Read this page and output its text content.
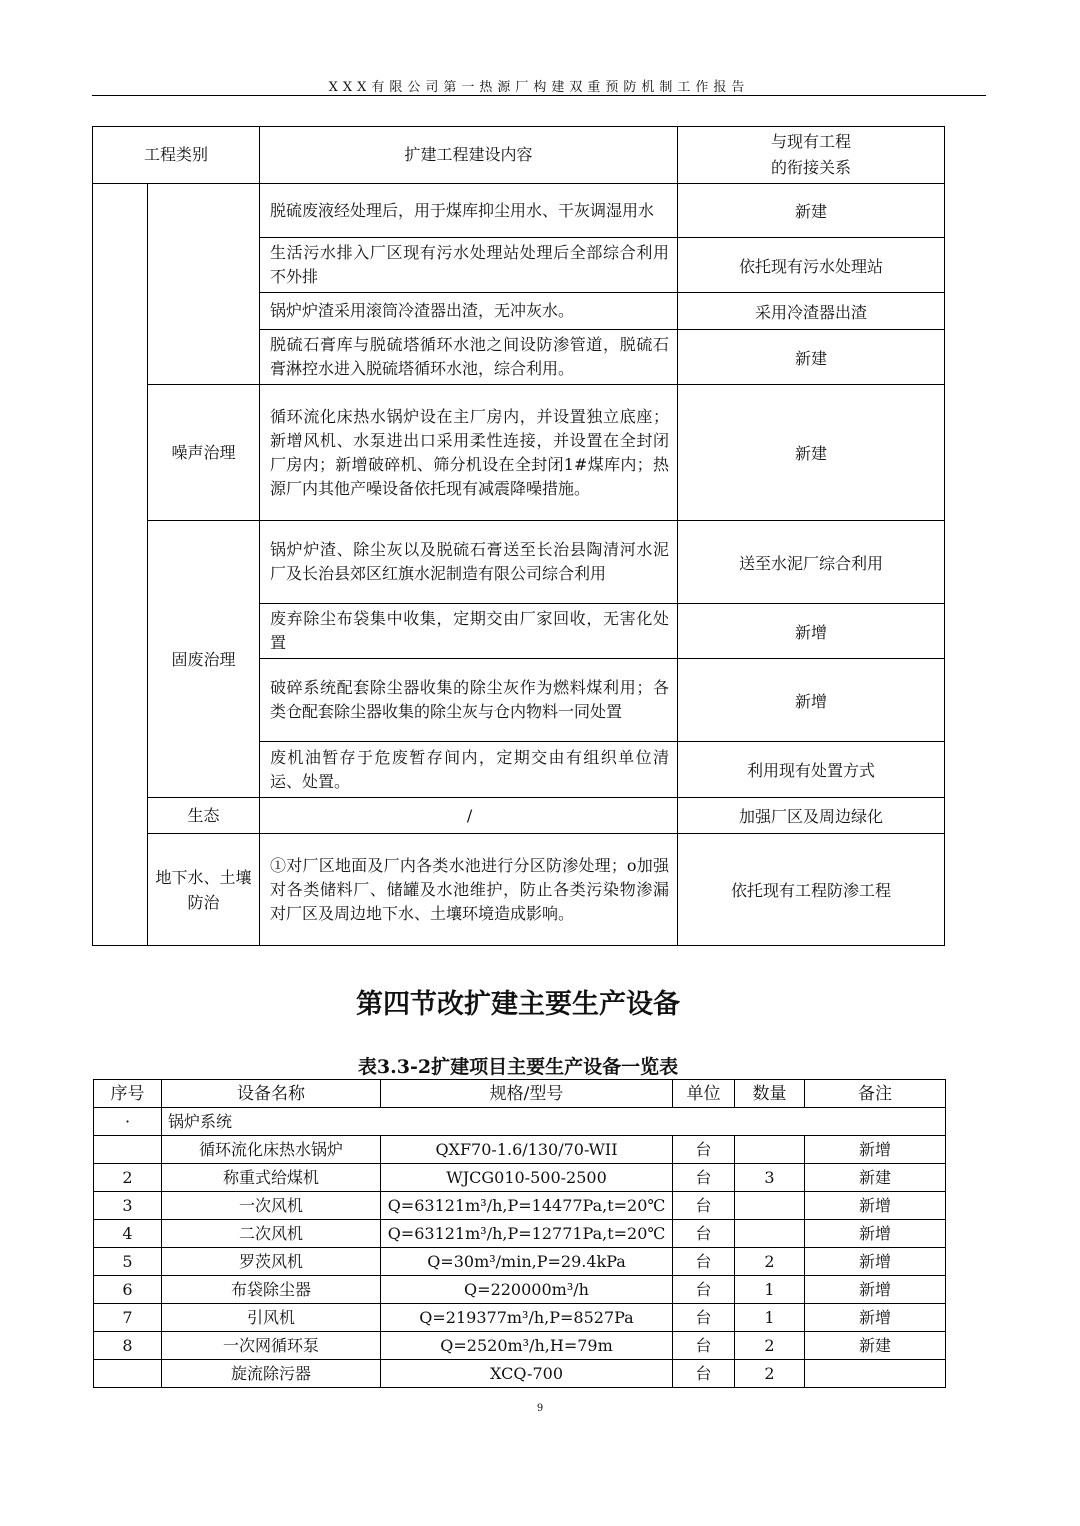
XXX有限公司第一热源厂构建双重预防机制工作报告
工程类别		扩建工程建设内容	与现有工程
的衔接关系
		脱硫废液经处理后，用于煤库抑尘用水、干灰调湿用水	新建
		生活污水排入厂区现有污水处理站处理后全部综合利用不外排	依托现有污水处理站
		锅炉炉渣采用滚筒冷渣器出渣，无冲灰水。	采用冷渣器出渣
		脱硫石膏库与脱硫塔循环水池之间设防渗管道，脱硫石膏淋控水进入脱硫塔循环水池，综合利用。	新建
	噪声治理	循环流化床热水锅炉设在主厂房内，并设置独立底座；新增风机、水泵进出口采用柔性连接，并设置在全封闭厂房内；新增破碎机、筛分机设在全封闭1#煤库内；热源厂内其他产噪设备依托现有减震降噪措施。	新建
	固废治理	锅炉炉渣、除尘灰以及脱硫石膏送至长治县陶清河水泥厂及长治县郊区红旗水泥制造有限公司综合利用	送至水泥厂综合利用
		废弃除尘布袋集中收集，定期交由厂家回收，无害化处置	新增
		破碎系统配套除尘器收集的除尘灰作为燃料煤利用；各类仓配套除尘器收集的除尘灰与仓内物料一同处置	新增
		废机油暂存于危废暂存间内，定期交由有组织单位清运、处置。	利用现有处置方式
	生态	/	加强厂区及周边绿化
	地下水、土壤
防治	①对厂区地面及厂内各类水池进行分区防渗处理；o加强对各类储料厂、储罐及水池维护，防止各类污染物渗漏对厂区及周边地下水、土壤环境造成影响。	依托现有工程防渗工程
第四节改扩建主要生产设备
表3.3-2扩建项目主要生产设备一览表
序号	设备名称	规格/型号	单位	数量	备注
·	锅炉系统				
	循环流化床热水锅炉	QXF70-1.6/130/70-WII	台		新增
2	称重式给煤机	WJCG010-500-2500	台	3	新建
3	一次风机	Q=63121m³/h,P=14477Pa,t=20℃	台		新增
4	二次风机	Q=63121m³/h,P=12771Pa,t=20℃	台		新增
5	罗茨风机	Q=30m³/min,P=29.4kPa	台	2	新增
6	布袋除尘器	Q=220000m³/h	台	1	新增
7	引风机	Q=219377m³/h,P=8527Pa	台	1	新增
8	一次网循环泵	Q=2520m³/h,H=79m	台	2	新建
	旋流除污器	XCQ-700	台	2	
9
